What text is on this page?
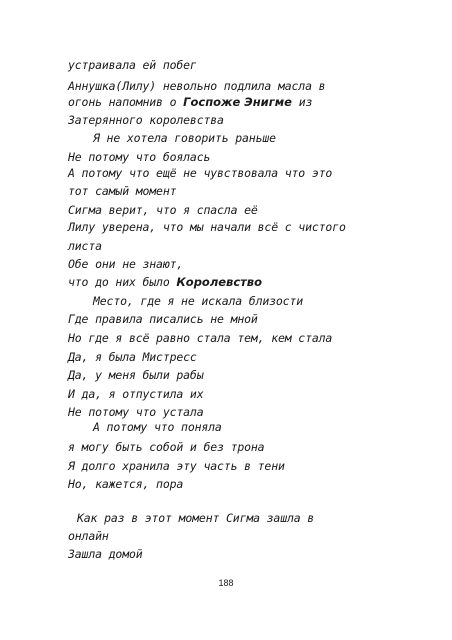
устраивала ей побег
Аннушка(Лилу) невольно подлила масла в
огонь напомнив о Госпоже Энигме из
Затерянного королевства
Я не хотела говорить раньше
Не потому что боялась
А потому что ещё не чувствовала что это
тот самый момент
Сигма верит, что я спасла её
Лилу уверена, что мы начали всё с чистого
листа
Обе они не знают,
что до них было Королевство
Место, где я не искала близости
Где правила писались не мной
Но где я всё равно стала тем, кем стала
Да, я была Мистресс
Да, у меня были рабы
И да, я отпустила их
Не потому что устала
А потому что поняла
я могу быть собой и без трона
Я долго хранила эту часть в тени
Но, кажется, пора
Как раз в этот момент Сигма зашла в
онлайн
Зашла домой
188
